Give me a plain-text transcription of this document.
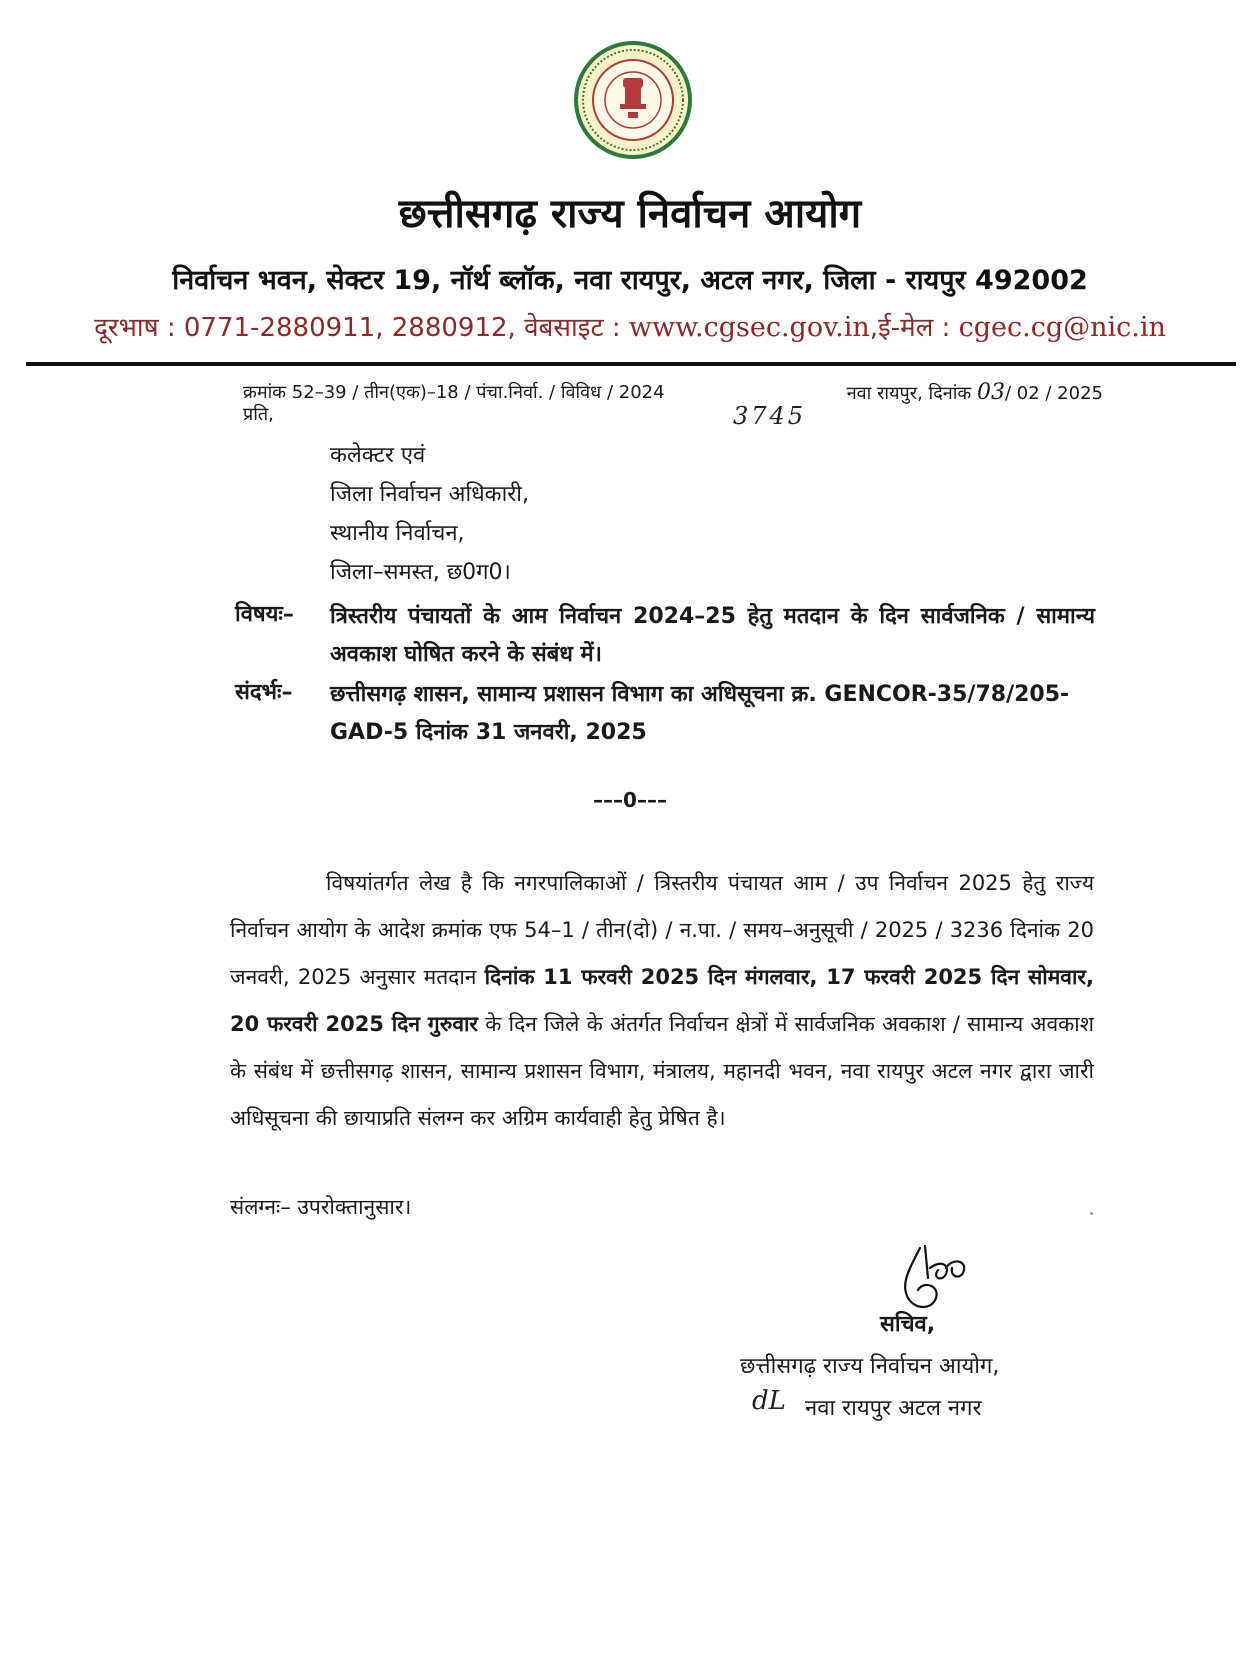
छत्तीसगढ़ राज्य निर्वाचन आयोग
निर्वाचन भवन, सेक्टर 19, नॉर्थ ब्लॉक, नवा रायपुर, अटल नगर, जिला - रायपुर 492002
दूरभाष : 0771-2880911, 2880912, वेबसाइट : www.cgsec.gov.in,ई-मेल : cgec.cg@nic.in
क्रमांक 52–39 / तीन(एक)–18 / पंचा.निर्वा. / विविध / 2024	नवा रायपुर, दिनांक 03/ 02 / 2025
प्रति,	3745
कलेक्टर एवं
जिला निर्वाचन अधिकारी,
स्थानीय निर्वाचन,
जिला–समस्त, छ0ग0।
विषयः–	त्रिस्तरीय पंचायतों के आम निर्वाचन 2024–25 हेतु मतदान के दिन सार्वजनिक / सामान्य अवकाश घोषित करने के संबंध में।
संदर्भः–	छत्तीसगढ़ शासन, सामान्य प्रशासन विभाग का अधिसूचना क्र. GENCOR-35/78/205-GAD-5 दिनांक 31 जनवरी, 2025
–––0–––
विषयांतर्गत लेख है कि नगरपालिकाओं / त्रिस्तरीय पंचायत आम / उप निर्वाचन 2025 हेतु राज्य निर्वाचन आयोग के आदेश क्रमांक एफ 54–1 / तीन(दो) / न.पा. / समय–अनुसूची / 2025 / 3236 दिनांक 20 जनवरी, 2025 अनुसार मतदान दिनांक 11 फरवरी 2025 दिन मंगलवार, 17 फरवरी 2025 दिन सोमवार, 20 फरवरी 2025 दिन गुरुवार के दिन जिले के अंतर्गत निर्वाचन क्षेत्रों में सार्वजनिक अवकाश / सामान्य अवकाश के संबंध में छत्तीसगढ़ शासन, सामान्य प्रशासन विभाग, मंत्रालय, महानदी भवन, नवा रायपुर अटल नगर द्वारा जारी अधिसूचना की छायाप्रति संलग्न कर अग्रिम कार्यवाही हेतु प्रेषित है।
संलग्नः– उपरोक्तानुसार।
सचिव,
छत्तीसगढ़ राज्य निर्वाचन आयोग,
dL नवा रायपुर अटल नगर
